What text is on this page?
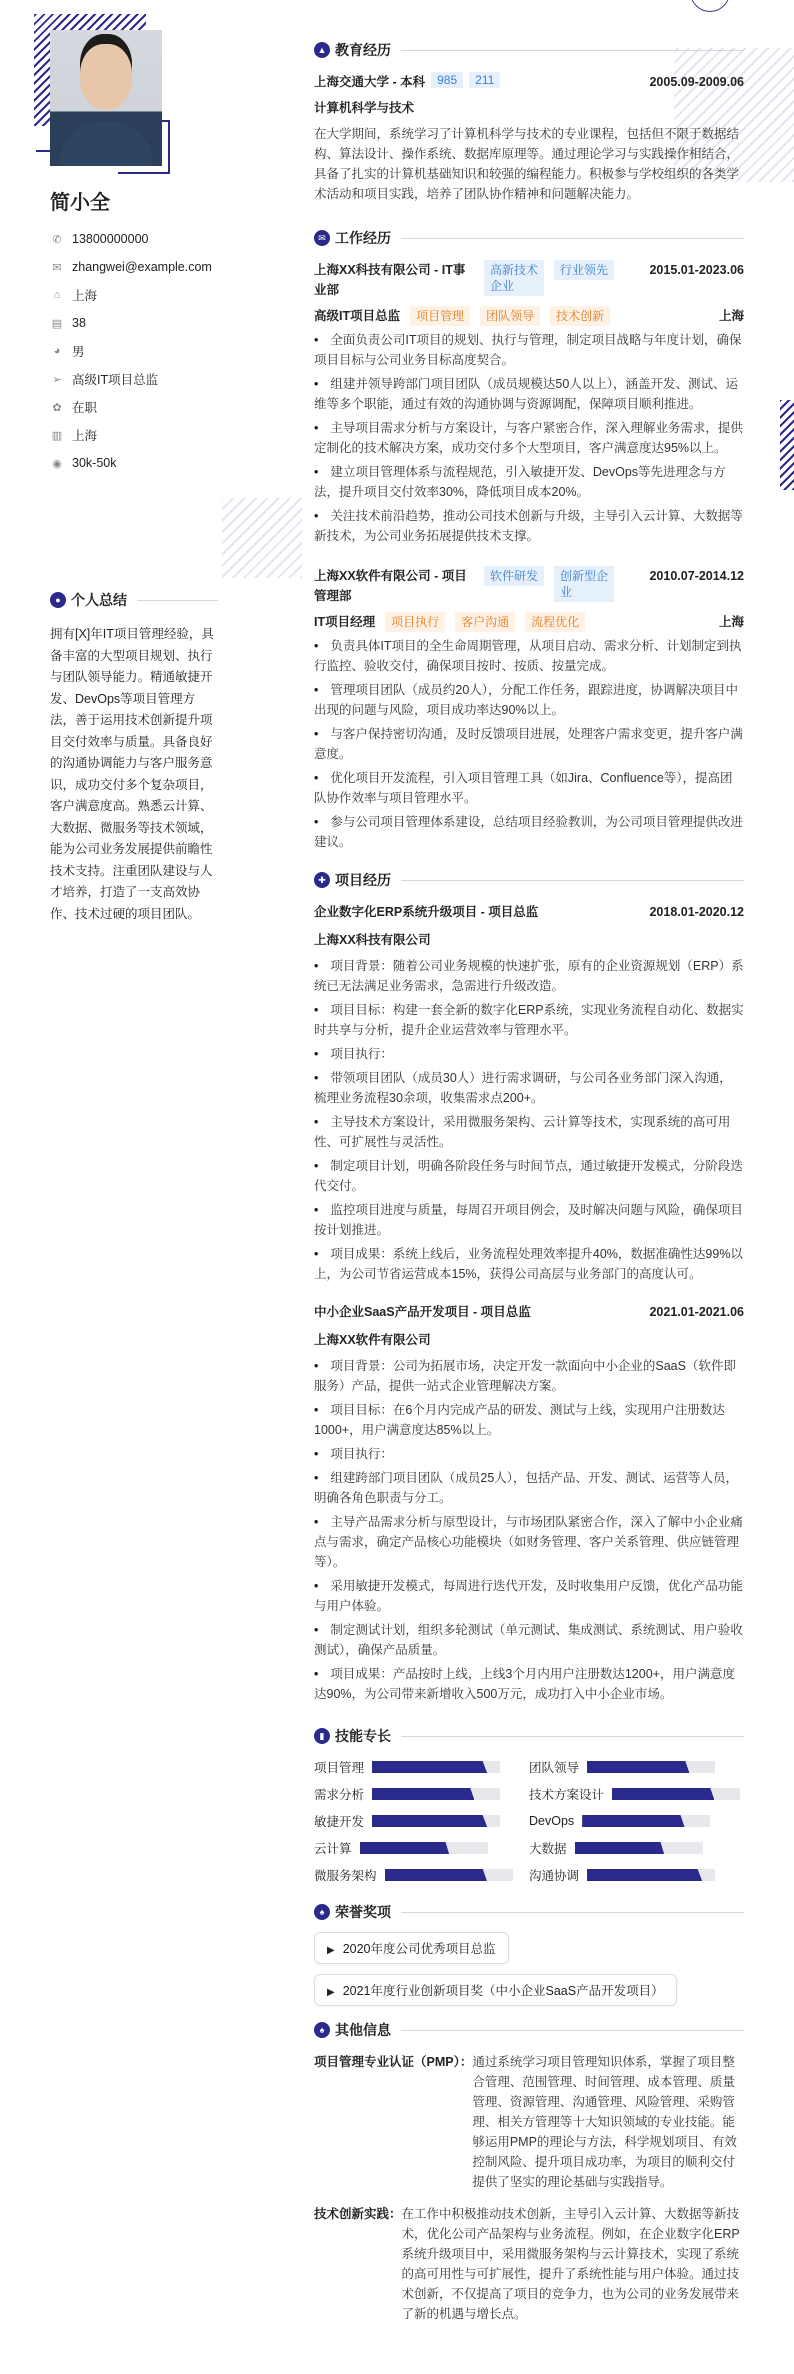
简小全
✆ 13800000000
✉ zhangwei@example.com
⌂ 上海
▤ 38
◕ 男
➢ 高级IT项目总监
✿ 在职
▥ 上海
◉ 30k-50k
● 个人总结

拥有[X]年IT项目管理经验，具备丰富的大型项目规划、执行与团队领导能力。精通敏捷开发、DevOps等项目管理方法，善于运用技术创新提升项目交付效率与质量。具备良好的沟通协调能力与客户服务意识，成功交付多个复杂项目，客户满意度高。熟悉云计算、大数据、微服务等技术领域，能为公司业务发展提供前瞻性技术支持。注重团队建设与人才培养，打造了一支高效协作、技术过硬的项目团队。

▲ 教育经历
上海交通大学 - 本科 985 211	2005.09-2009.06
计算机科学与技术
在大学期间，系统学习了计算机科学与技术的专业课程，包括但不限于数据结构、算法设计、操作系统、数据库原理等。通过理论学习与实践操作相结合，具备了扎实的计算机基础知识和较强的编程能力。积极参与学校组织的各类学术活动和项目实践，培养了团队协作精神和问题解决能力。
✉ 工作经历
上海XX科技有限公司 - IT事业部
高新技术企业
行业领先	2015.01-2023.06
高级IT项目总监 项目管理 团队领导 技术创新	上海
• 全面负责公司IT项目的规划、执行与管理，制定项目战略与年度计划，确保项目目标与公司业务目标高度契合。
• 组建并领导跨部门项目团队（成员规模达50人以上），涵盖开发、测试、运维等多个职能，通过有效的沟通协调与资源调配，保障项目顺利推进。
• 主导项目需求分析与方案设计，与客户紧密合作，深入理解业务需求，提供定制化的技术解决方案，成功交付多个大型项目，客户满意度达95%以上。
• 建立项目管理体系与流程规范，引入敏捷开发、DevOps等先进理念与方法，提升项目交付效率30%，降低项目成本20%。
• 关注技术前沿趋势，推动公司技术创新与升级，主导引入云计算、大数据等新技术，为公司业务拓展提供技术支撑。
上海XX软件有限公司 - 项目管理部
软件研发	创新型企业
2010.07-2014.12
IT项目经理 项目执行 客户沟通 流程优化	上海
• 负责具体IT项目的全生命周期管理，从项目启动、需求分析、计划制定到执行监控、验收交付，确保项目按时、按质、按量完成。
• 管理项目团队（成员约20人），分配工作任务，跟踪进度，协调解决项目中出现的问题与风险，项目成功率达90%以上。
• 与客户保持密切沟通，及时反馈项目进展，处理客户需求变更，提升客户满意度。
• 优化项目开发流程，引入项目管理工具（如Jira、Confluence等），提高团队协作效率与项目管理水平。
• 参与公司项目管理体系建设，总结项目经验教训，为公司项目管理提供改进建议。
✚ 项目经历
企业数字化ERP系统升级项目 - 项目总监	2018.01-2020.12
上海XX科技有限公司
• 项目背景：随着公司业务规模的快速扩张，原有的企业资源规划（ERP）系统已无法满足业务需求，急需进行升级改造。
• 项目目标：构建一套全新的数字化ERP系统，实现业务流程自动化、数据实时共享与分析，提升企业运营效率与管理水平。
• 项目执行：
• 带领项目团队（成员30人）进行需求调研，与公司各业务部门深入沟通，梳理业务流程30余项，收集需求点200+。
• 主导技术方案设计，采用微服务架构、云计算等技术，实现系统的高可用性、可扩展性与灵活性。
• 制定项目计划，明确各阶段任务与时间节点，通过敏捷开发模式，分阶段迭代交付。
• 监控项目进度与质量，每周召开项目例会，及时解决问题与风险，确保项目按计划推进。
• 项目成果：系统上线后，业务流程处理效率提升40%，数据准确性达99%以上，为公司节省运营成本15%，获得公司高层与业务部门的高度认可。
中小企业SaaS产品开发项目 - 项目总监	2021.01-2021.06
上海XX软件有限公司
• 项目背景：公司为拓展市场，决定开发一款面向中小企业的SaaS（软件即服务）产品，提供一站式企业管理解决方案。
• 项目目标：在6个月内完成产品的研发、测试与上线，实现用户注册数达1000+，用户满意度达85%以上。
• 项目执行：
• 组建跨部门项目团队（成员25人），包括产品、开发、测试、运营等人员，明确各角色职责与分工。
• 主导产品需求分析与原型设计，与市场团队紧密合作，深入了解中小企业痛点与需求，确定产品核心功能模块（如财务管理、客户关系管理、供应链管理等）。
• 采用敏捷开发模式，每周进行迭代开发，及时收集用户反馈，优化产品功能与用户体验。
• 制定测试计划，组织多轮测试（单元测试、集成测试、系统测试、用户验收测试），确保产品质量。
• 项目成果：产品按时上线，上线3个月内用户注册数达1200+，用户满意度达90%，为公司带来新增收入500万元，成功打入中小企业市场。
▮ 技能专长
项目管理	团队领导
需求分析	技术方案设计
敏捷开发	DevOps
云计算	大数据
微服务架构	沟通协调
♠ 荣誉奖项
▶ 2020年度公司优秀项目总监
▶ 2021年度行业创新项目奖（中小企业SaaS产品开发项目）
♠ 其他信息
项目管理专业认证（PMP）： 通过系统学习项目管理知识体系，掌握了项目整合管理、范围管理、时间管理、成本管理、质量管理、资源管理、沟通管理、风险管理、采购管理、相关方管理等十大知识领域的专业技能。能够运用PMP的理论与方法，科学规划项目、有效控制风险、提升项目成功率，为项目的顺利交付提供了坚实的理论基础与实践指导。
技术创新实践： 在工作中积极推动技术创新，主导引入云计算、大数据等新技术，优化公司产品架构与业务流程。例如，在企业数字化ERP系统升级项目中，采用微服务架构与云计算技术，实现了系统的高可用性与可扩展性，提升了系统性能与用户体验。通过技术创新，不仅提高了项目的竞争力，也为公司的业务发展带来了新的机遇与增长点。
